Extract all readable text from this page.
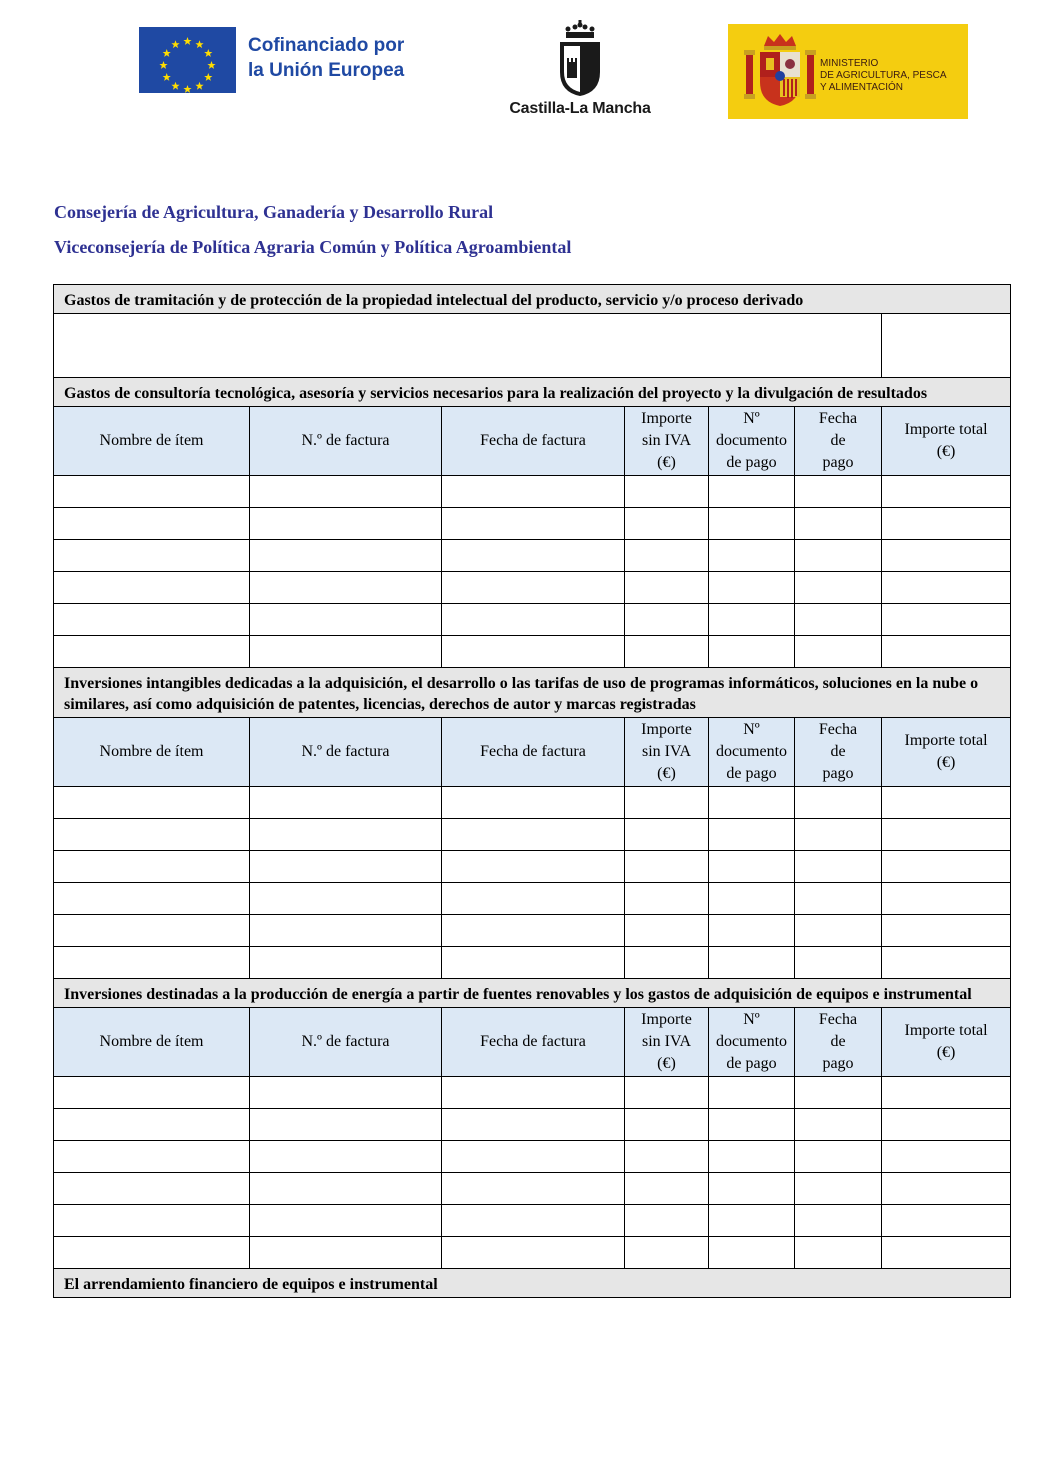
Cofinanciado por
la Unión Europea
Castilla-La Mancha
MINISTERIO
DE AGRICULTURA, PESCA
Y ALIMENTACIÓN
Consejería de Agricultura, Ganadería y Desarrollo Rural
Viceconsejería de Política Agraria Común y Política Agroambiental
Gastos de tramitación y de protección de la propiedad intelectual del producto, servicio y/o proceso derivado						

Gastos de consultoría tecnológica, asesoría y servicios necesarios para la realización del proyecto y la divulgación de resultados						
Nombre de ítem	N.º de factura	Fecha de factura	Importe
sin IVA
(€)	Nº
documento
de pago	Fecha
de
pago	Importe total
(€)

Inversiones intangibles dedicadas a la adquisición, el desarrollo o las tarifas de uso de programas informáticos, soluciones en la nube o similares, así como adquisición de patentes, licencias, derechos de autor y marcas registradas						
Nombre de ítem	N.º de factura	Fecha de factura	Importe
sin IVA
(€)	Nº
documento
de pago	Fecha
de
pago	Importe total
(€)

Inversiones destinadas a la producción de energía a partir de fuentes renovables y los gastos de adquisición de equipos e instrumental						
Nombre de ítem	N.º de factura	Fecha de factura	Importe
sin IVA
(€)	Nº
documento
de pago	Fecha
de
pago	Importe total
(€)

El arrendamiento financiero de equipos e instrumental						
